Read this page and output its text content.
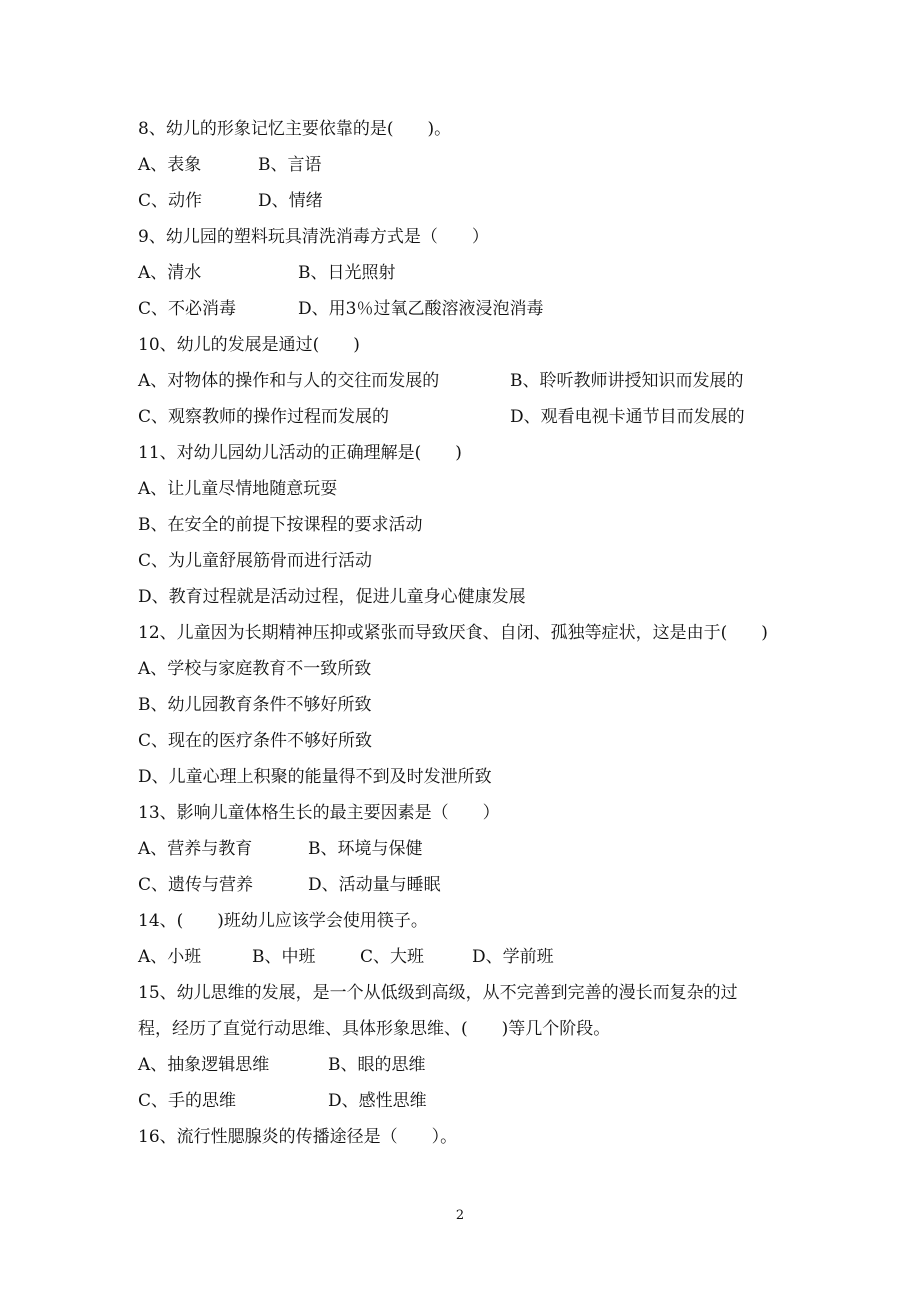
8、幼儿的形象记忆主要依靠的是(　　)。
A、表象	B、言语
C、动作	D、情绪
9、幼儿园的塑料玩具清洗消毒方式是（　　）
A、清水	B、日光照射
C、不必消毒	D、用3％过氧乙酸溶液浸泡消毒
10、幼儿的发展是通过(　　)
A、对物体的操作和与人的交往而发展的	B、聆听教师讲授知识而发展的
C、观察教师的操作过程而发展的	D、观看电视卡通节目而发展的
11、对幼儿园幼儿活动的正确理解是(　　)
A、让儿童尽情地随意玩耍
B、在安全的前提下按课程的要求活动
C、为儿童舒展筋骨而进行活动
D、教育过程就是活动过程，促进儿童身心健康发展
12、儿童因为长期精神压抑或紧张而导致厌食、自闭、孤独等症状，这是由于(　　)
A、学校与家庭教育不一致所致
B、幼儿园教育条件不够好所致
C、现在的医疗条件不够好所致
D、儿童心理上积聚的能量得不到及时发泄所致
13、影响儿童体格生长的最主要因素是（　　）
A、营养与教育	B、环境与保健
C、遗传与营养	D、活动量与睡眠
14、(　　)班幼儿应该学会使用筷子。
A、小班	B、中班	C、大班	D、学前班
15、幼儿思维的发展，是一个从低级到高级，从不完善到完善的漫长而复杂的过
程，经历了直觉行动思维、具体形象思维、(　　)等几个阶段。
A、抽象逻辑思维	B、眼的思维
C、手的思维	D、感性思维
16、流行性腮腺炎的传播途径是（　　）。
2
